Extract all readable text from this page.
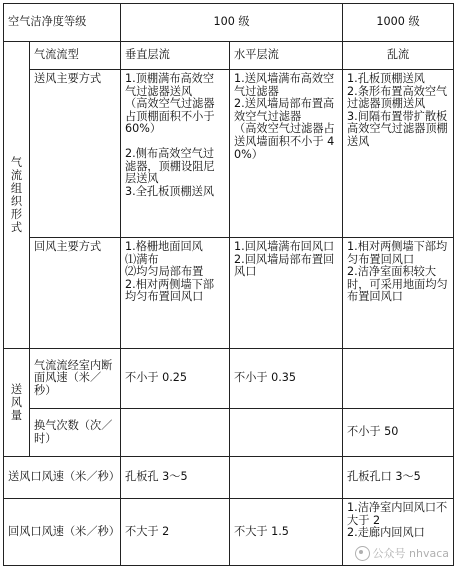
空气洁净度等级		100 级		1000 级

气流组织形式	气流流型	垂直层流	水平层流	乱流
	送风主要方式	1.顶棚满布高效空气过滤器送风
（高效空气过滤器占顶棚面积不小于 60%）
2.侧布高效空气过滤器，顶棚设阻尼层送风
3.全孔板顶棚送风	1.送风墙满布高效空气过滤器
2.送风墙局部布置高效空气过滤器
（高效空气过滤器占送风墙面积不小于 40%）	1.孔板顶棚送风
2.条形布置高效空气过滤器顶棚送风
3.间隔布置带扩散板高效空气过滤器顶棚送风

	回风主要方式	1.格栅地面回风
⑴满布
⑵均匀局部布置
2.相对两侧墙下部均匀布置回风口	1.回风墙满布回风口
2.回风墙局部布置回风口	1.相对两侧墙下部均匀布置回风口
2.洁净室面积较大时，可采用地面均匀布置回风口

送风量	气流流经室内断面风速（米／秒）	不小于 0.25	不小于 0.35	
	换气次数（次／时）			不小于 50
送风口风速（米／秒）		孔板孔 3～5		孔板孔口 3～5
回风口风速（米／秒）		不大于 2	不大于 1.5	1.洁净室内回风口不大于 2
2.走廊内回风口
公众号 nhvaca
